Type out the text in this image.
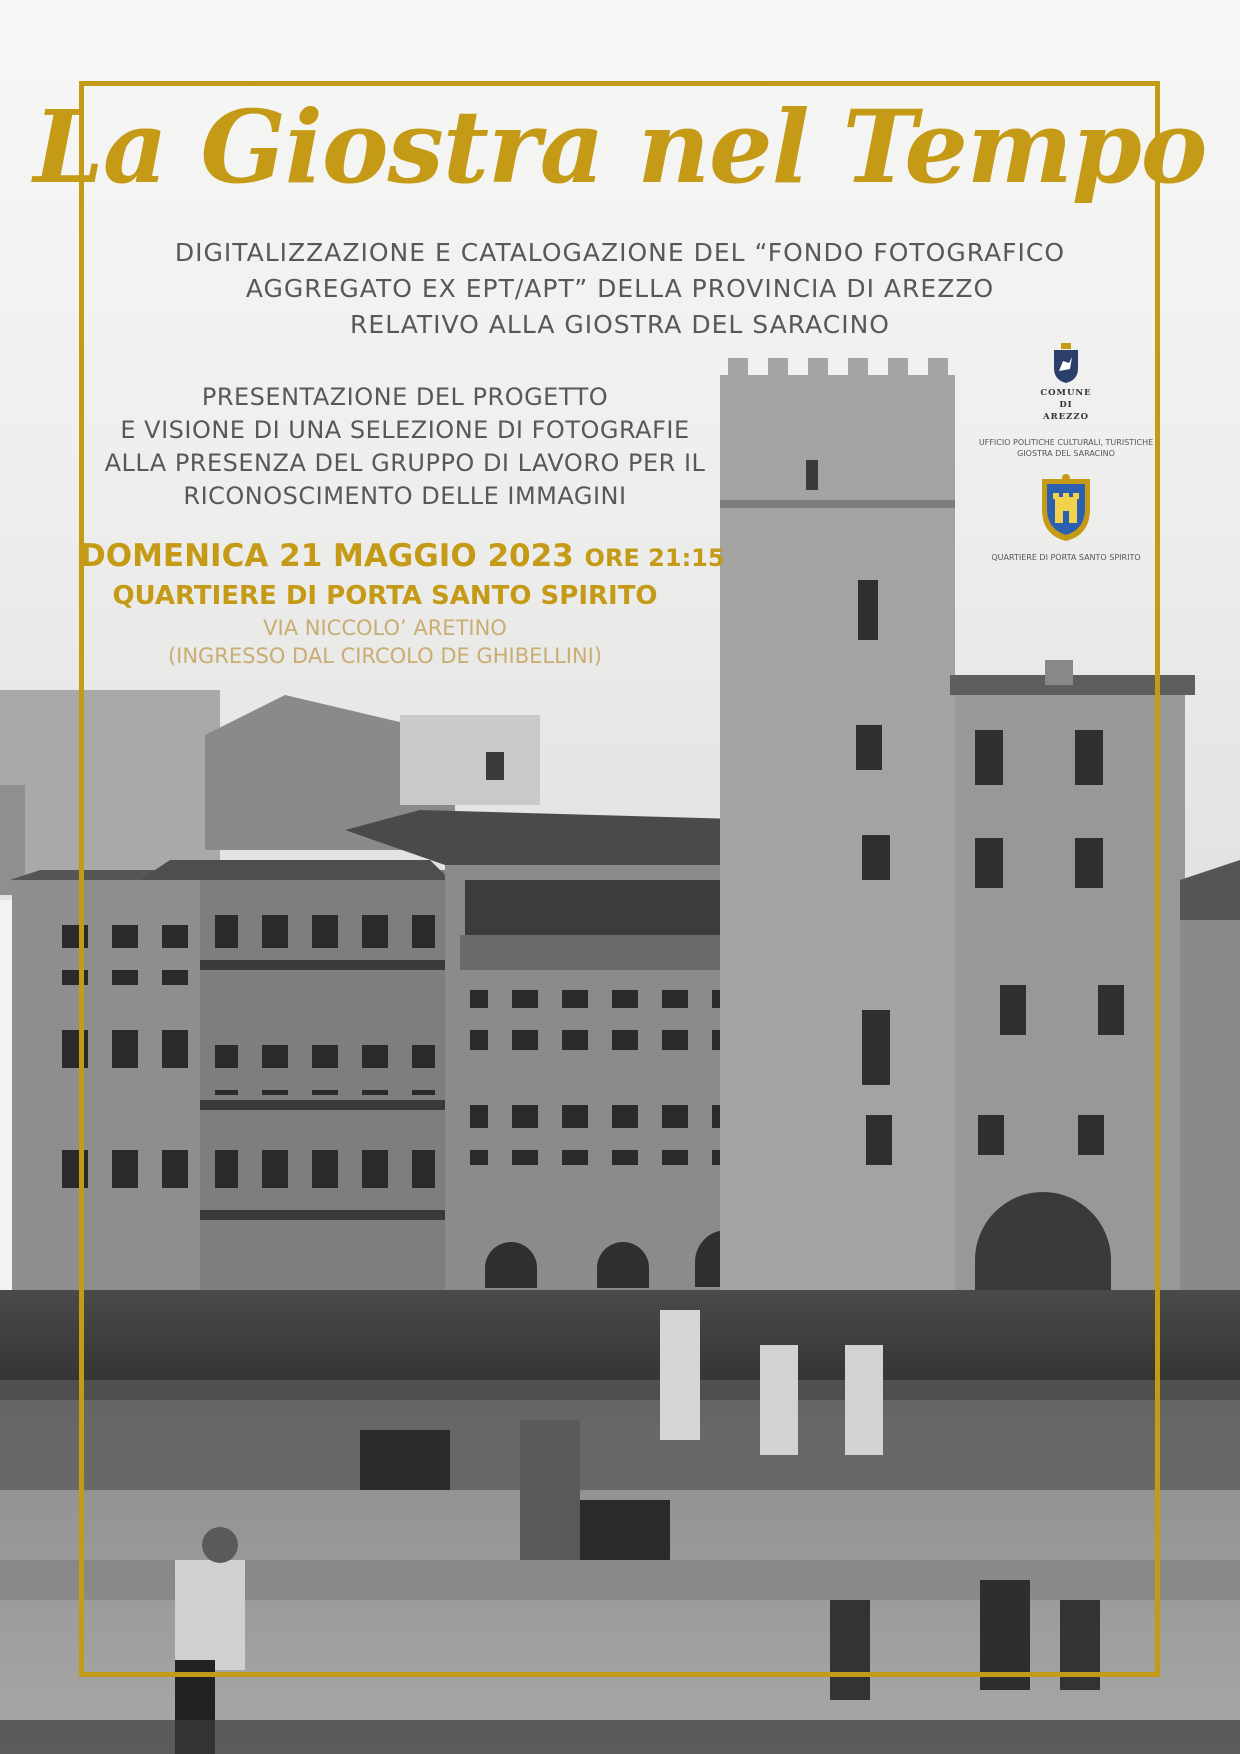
La Giostra nel Tempo
DIGITALIZZAZIONE E CATALOGAZIONE DEL “FONDO FOTOGRAFICO
AGGREGATO EX EPT/APT” DELLA PROVINCIA DI AREZZO
RELATIVO ALLA GIOSTRA DEL SARACINO
PRESENTAZIONE DEL PROGETTO
E VISIONE DI UNA SELEZIONE DI FOTOGRAFIE
ALLA PRESENZA DEL GRUPPO DI LAVORO PER IL
RICONOSCIMENTO DELLE IMMAGINI
DOMENICA 21 MAGGIO 2023 ORE 21:15
QUARTIERE DI PORTA SANTO SPIRITO
VIA NICCOLO’ ARETINO
(INGRESSO DAL CIRCOLO DE GHIBELLINI)
COMUNE
DI
AREZZO
UFFICIO POLITICHE CULTURALI, TURISTICHE
GIOSTRA DEL SARACINO
QUARTIERE DI PORTA SANTO SPIRITO
